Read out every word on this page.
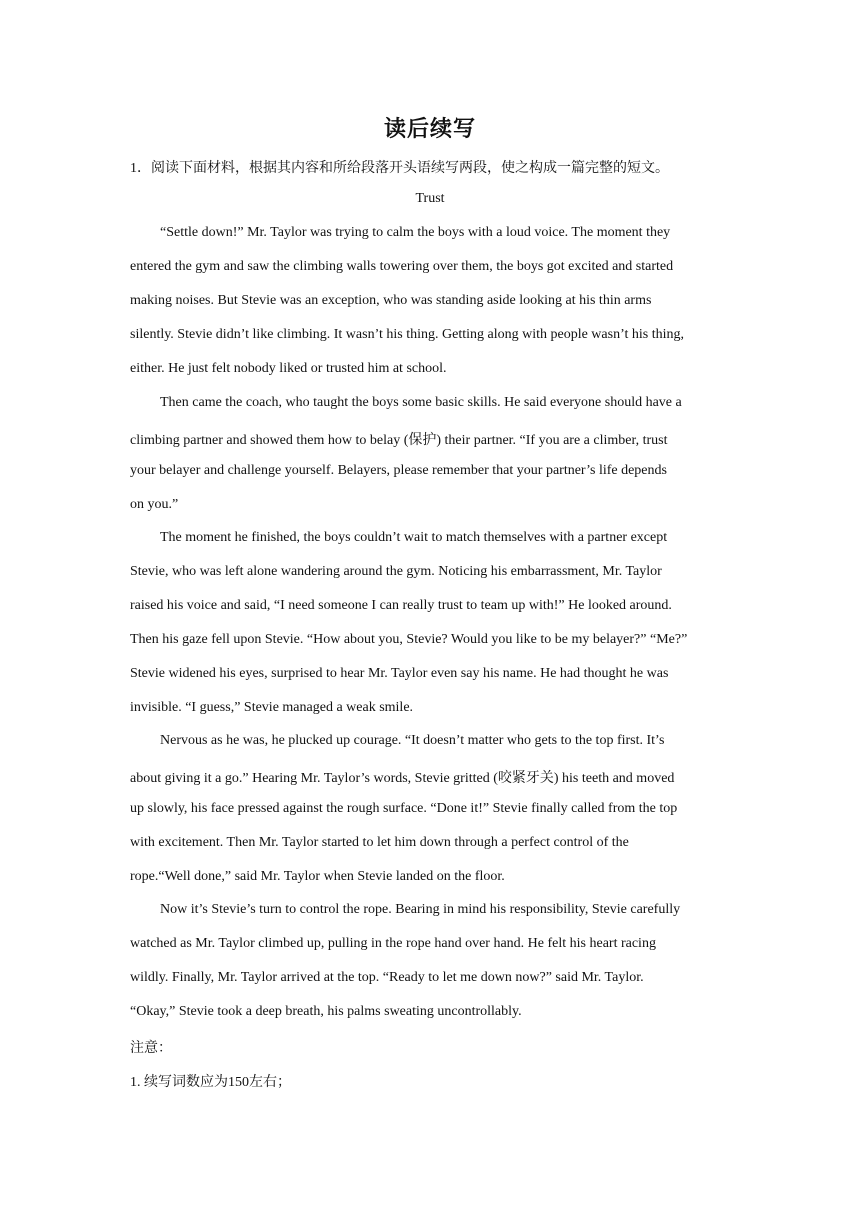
读后续写
1．阅读下面材料，根据其内容和所给段落开头语续写两段，使之构成一篇完整的短文。
Trust
“Settle down!” Mr. Taylor was trying to calm the boys with a loud voice. The moment they
entered the gym and saw the climbing walls towering over them, the boys got excited and started
making noises. But Stevie was an exception, who was standing aside looking at his thin arms
silently. Stevie didn’t like climbing. It wasn’t his thing. Getting along with people wasn’t his thing,
either. He just felt nobody liked or trusted him at school.
Then came the coach, who taught the boys some basic skills. He said everyone should have a
climbing partner and showed them how to belay (保护) their partner. “If you are a climber, trust
your belayer and challenge yourself. Belayers, please remember that your partner’s life depends
on you.”
The moment he finished, the boys couldn’t wait to match themselves with a partner except
Stevie, who was left alone wandering around the gym. Noticing his embarrassment, Mr. Taylor
raised his voice and said, “I need someone I can really trust to team up with!” He looked around.
Then his gaze fell upon Stevie. “How about you, Stevie? Would you like to be my belayer?” “Me?”
Stevie widened his eyes, surprised to hear Mr. Taylor even say his name. He had thought he was
invisible. “I guess,” Stevie managed a weak smile.
Nervous as he was, he plucked up courage. “It doesn’t matter who gets to the top first. It’s
about giving it a go.” Hearing Mr. Taylor’s words, Stevie gritted (咬紧牙关) his teeth and moved
up slowly, his face pressed against the rough surface. “Done it!” Stevie finally called from the top
with excitement. Then Mr. Taylor started to let him down through a perfect control of the
rope.“Well done,” said Mr. Taylor when Stevie landed on the floor.
Now it’s Stevie’s turn to control the rope. Bearing in mind his responsibility, Stevie carefully
watched as Mr. Taylor climbed up, pulling in the rope hand over hand. He felt his heart racing
wildly. Finally, Mr. Taylor arrived at the top. “Ready to let me down now?” said Mr. Taylor.
“Okay,” Stevie took a deep breath, his palms sweating uncontrollably.
注意：
1. 续写词数应为150左右；
